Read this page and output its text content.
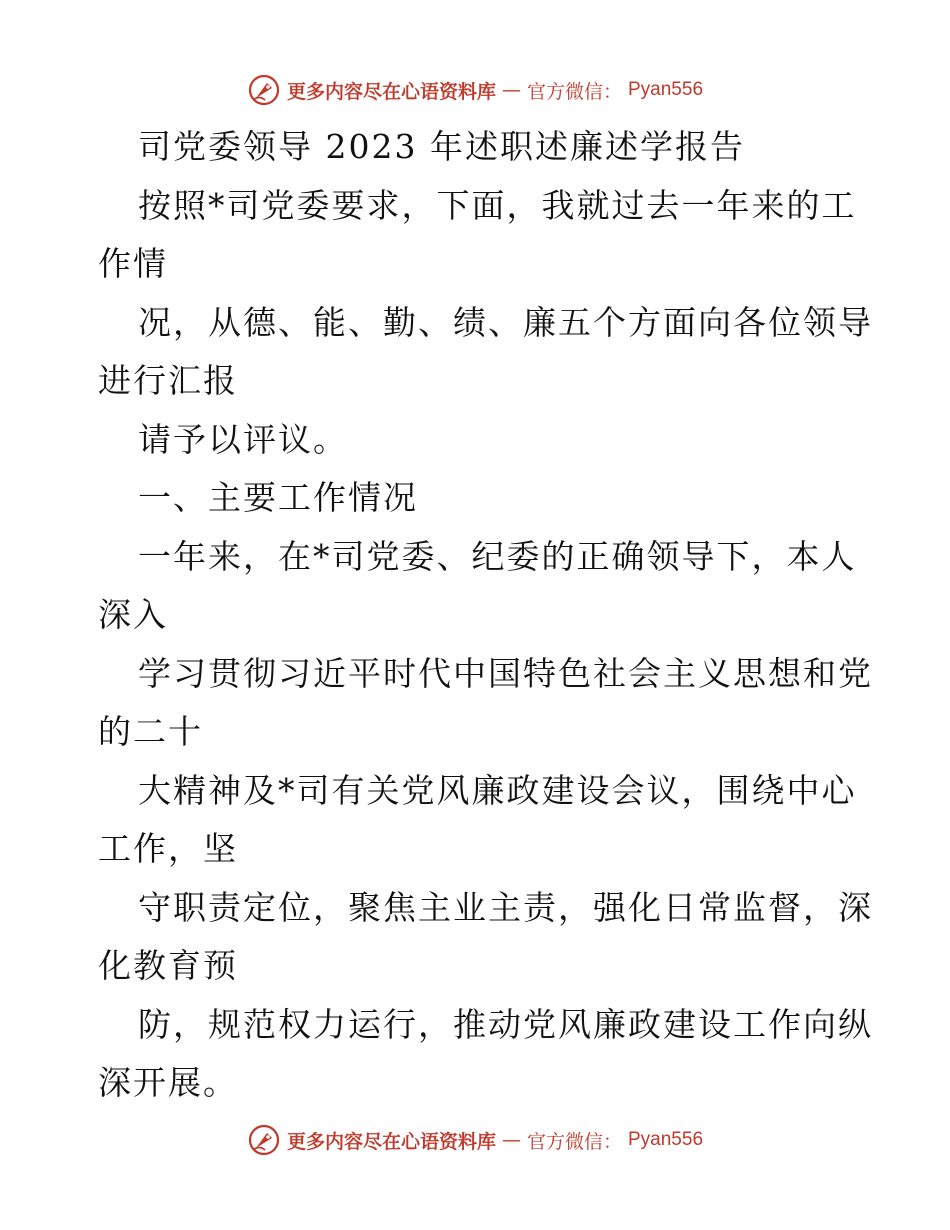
更多内容尽在心语资料库 — 官方微信： Pyan556
司党委领导 2023 年述职述廉述学报告
按照*司党委要求，下面，我就过去一年来的工
作情
况，从德、能、勤、绩、廉五个方面向各位领导
进行汇报
请予以评议。
一、主要工作情况
一年来，在*司党委、纪委的正确领导下，本人
深入
学习贯彻习近平时代中国特色社会主义思想和党
的二十
大精神及*司有关党风廉政建设会议，围绕中心
工作，坚
守职责定位，聚焦主业主责，强化日常监督，深
化教育预
防，规范权力运行，推动党风廉政建设工作向纵
深开展。
更多内容尽在心语资料库 — 官方微信： Pyan556
